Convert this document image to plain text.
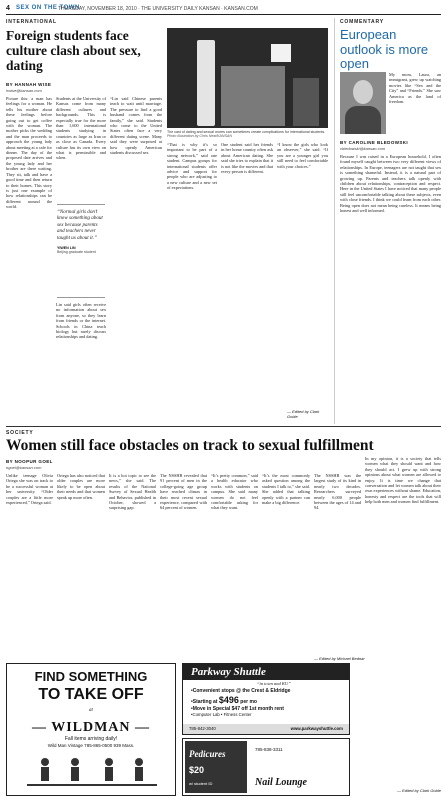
4 SEX ON THE TOWN
THURSDAY, NOVEMBER 18, 2010 · THE UNIVERSITY DAILY KANSAN · KANSAN.COM
INTERNATIONAL
Foreign students face culture clash about sex, dating
BY HANNAH WISE
hwise@kansan.com
Picture this: a man has feelings for a woman. He tells his mother about these feelings before going out to get coffee with the woman. The mother picks the wedding and the man proceeds to approach the young lady about meeting at a cafe for dinner. The day of the proposed date arrives and the young lady and her brother are there waiting. They sit, talk and have a good time and then return to their homes. This story is just one example of how relationships can be different around the world.
Students at the University of Kansas come from many different cultures and backgrounds. This is especially true for the more than 1,600 international students studying in countries as large as Iran or as close as Canada. Every culture has its own view on what is permissible and when.
“Normal girls don’t know something about sex because parents and teachers never taught us about it.”
YIWEN LIN
Beijing graduate student
Lin said girls often receive no information about sex from anyone, so they learn from friends or the internet. Schools in China teach biology but rarely discuss relationships and dating.
“Lin said Chinese parents teach to wait until marriage. The pressure to find a good husband comes from the family,” she said. Students who come to the United States often face a very different dating scene. Many said they were surprised at how openly American students discussed sex.
The cast of dating and sexual mores can sometimes create complications for international students. Photo illustration by Chris Neal/KANSAN
“That is why it’s so important to be part of a strong network,” said one student. Campus groups for international students offer advice and support for people who are adjusting to a new culture and a new set of expectations.
One student said her friends in her home country often ask about American dating. She said she tries to explain that it is not like the movies and that every person is different.
“I know the girls who look an observer,” she said. “If you are a younger girl you still need to feel comfortable with your choices.”
— Edited by Clark Goble
COMMENTARY
European outlook is more open
My mom, Laura, an immigrant, grew up watching movies like “Sex and the City” and “Friends.” She saw America as the land of freedom.
BY CAROLINE BLEDOWSKI
cbledowski@kansan.com
Because I was raised in a European household, I often found myself caught between two very different views of relationships. In Europe, teenagers are not taught that sex is something shameful. Instead, it is a natural part of growing up. Parents and teachers talk openly with children about relationships, contraception and respect. Here in the United States I have noticed that many people still feel uncomfortable talking about these subjects, even with close friends. I think we could learn from each other. Being open does not mean being careless. It means being honest and well informed.
SOCIETY
Women still face obstacles on track to sexual fulfillment
BY NOOPUR GOEL
ngoel@kansan.com
Unlike teenage Olivia Ortega she was on track to be a successful woman at her university. “Older couples are a little more experienced,” Ortega said.
Ortega has also noticed that older couples are more likely to be open about their needs and that women speak up more often.
It is a hot topic to see the news,” she said. The results of the National Survey of Sexual Health and Behavior, published in October, showed a surprising gap.
The NSSHB revealed that 91 percent of men in the college-going age group have reached climax in their most recent sexual experience, compared with 64 percent of women.
“It’s pretty common,” said a health educator who works with students on campus. She said many women do not feel comfortable asking for what they want.
“It’s the most commonly asked question among the students I talk to,” she said. She added that talking openly with a partner can make a big difference.
The NSSHB was the largest study of its kind in nearly two decades. Researchers surveyed nearly 6,000 people between the ages of 14 and 94.
— Edited by Michael Bednar
In my opinion, it is a society that tells women what they should want and how they should act. I grew up with strong opinions about what women are allowed to enjoy. It is time we change that conversation and let women talk about their own experiences without shame. Education, honesty and respect are the tools that will help both men and women find fulfillment.
— Edited by Clark Goble
FIND SOMETHING
TO TAKE OFF
at
— WILDMAN —
Fall items arriving daily!
Wild Man Vintage 785-865-0500 939 Mass.
Parkway Shuttle
“in town and KU”
•Convenient stops @ the Crest & Eldridge
•Starting at $496 per mo
•Move in Special $47 off 1st month rent
•Computer Lab • Fitness Center
785-842-3040	www.parkwayshuttle.com
Pedicures
$20
w/ student ID
785-838-3311
Nail Lounge
